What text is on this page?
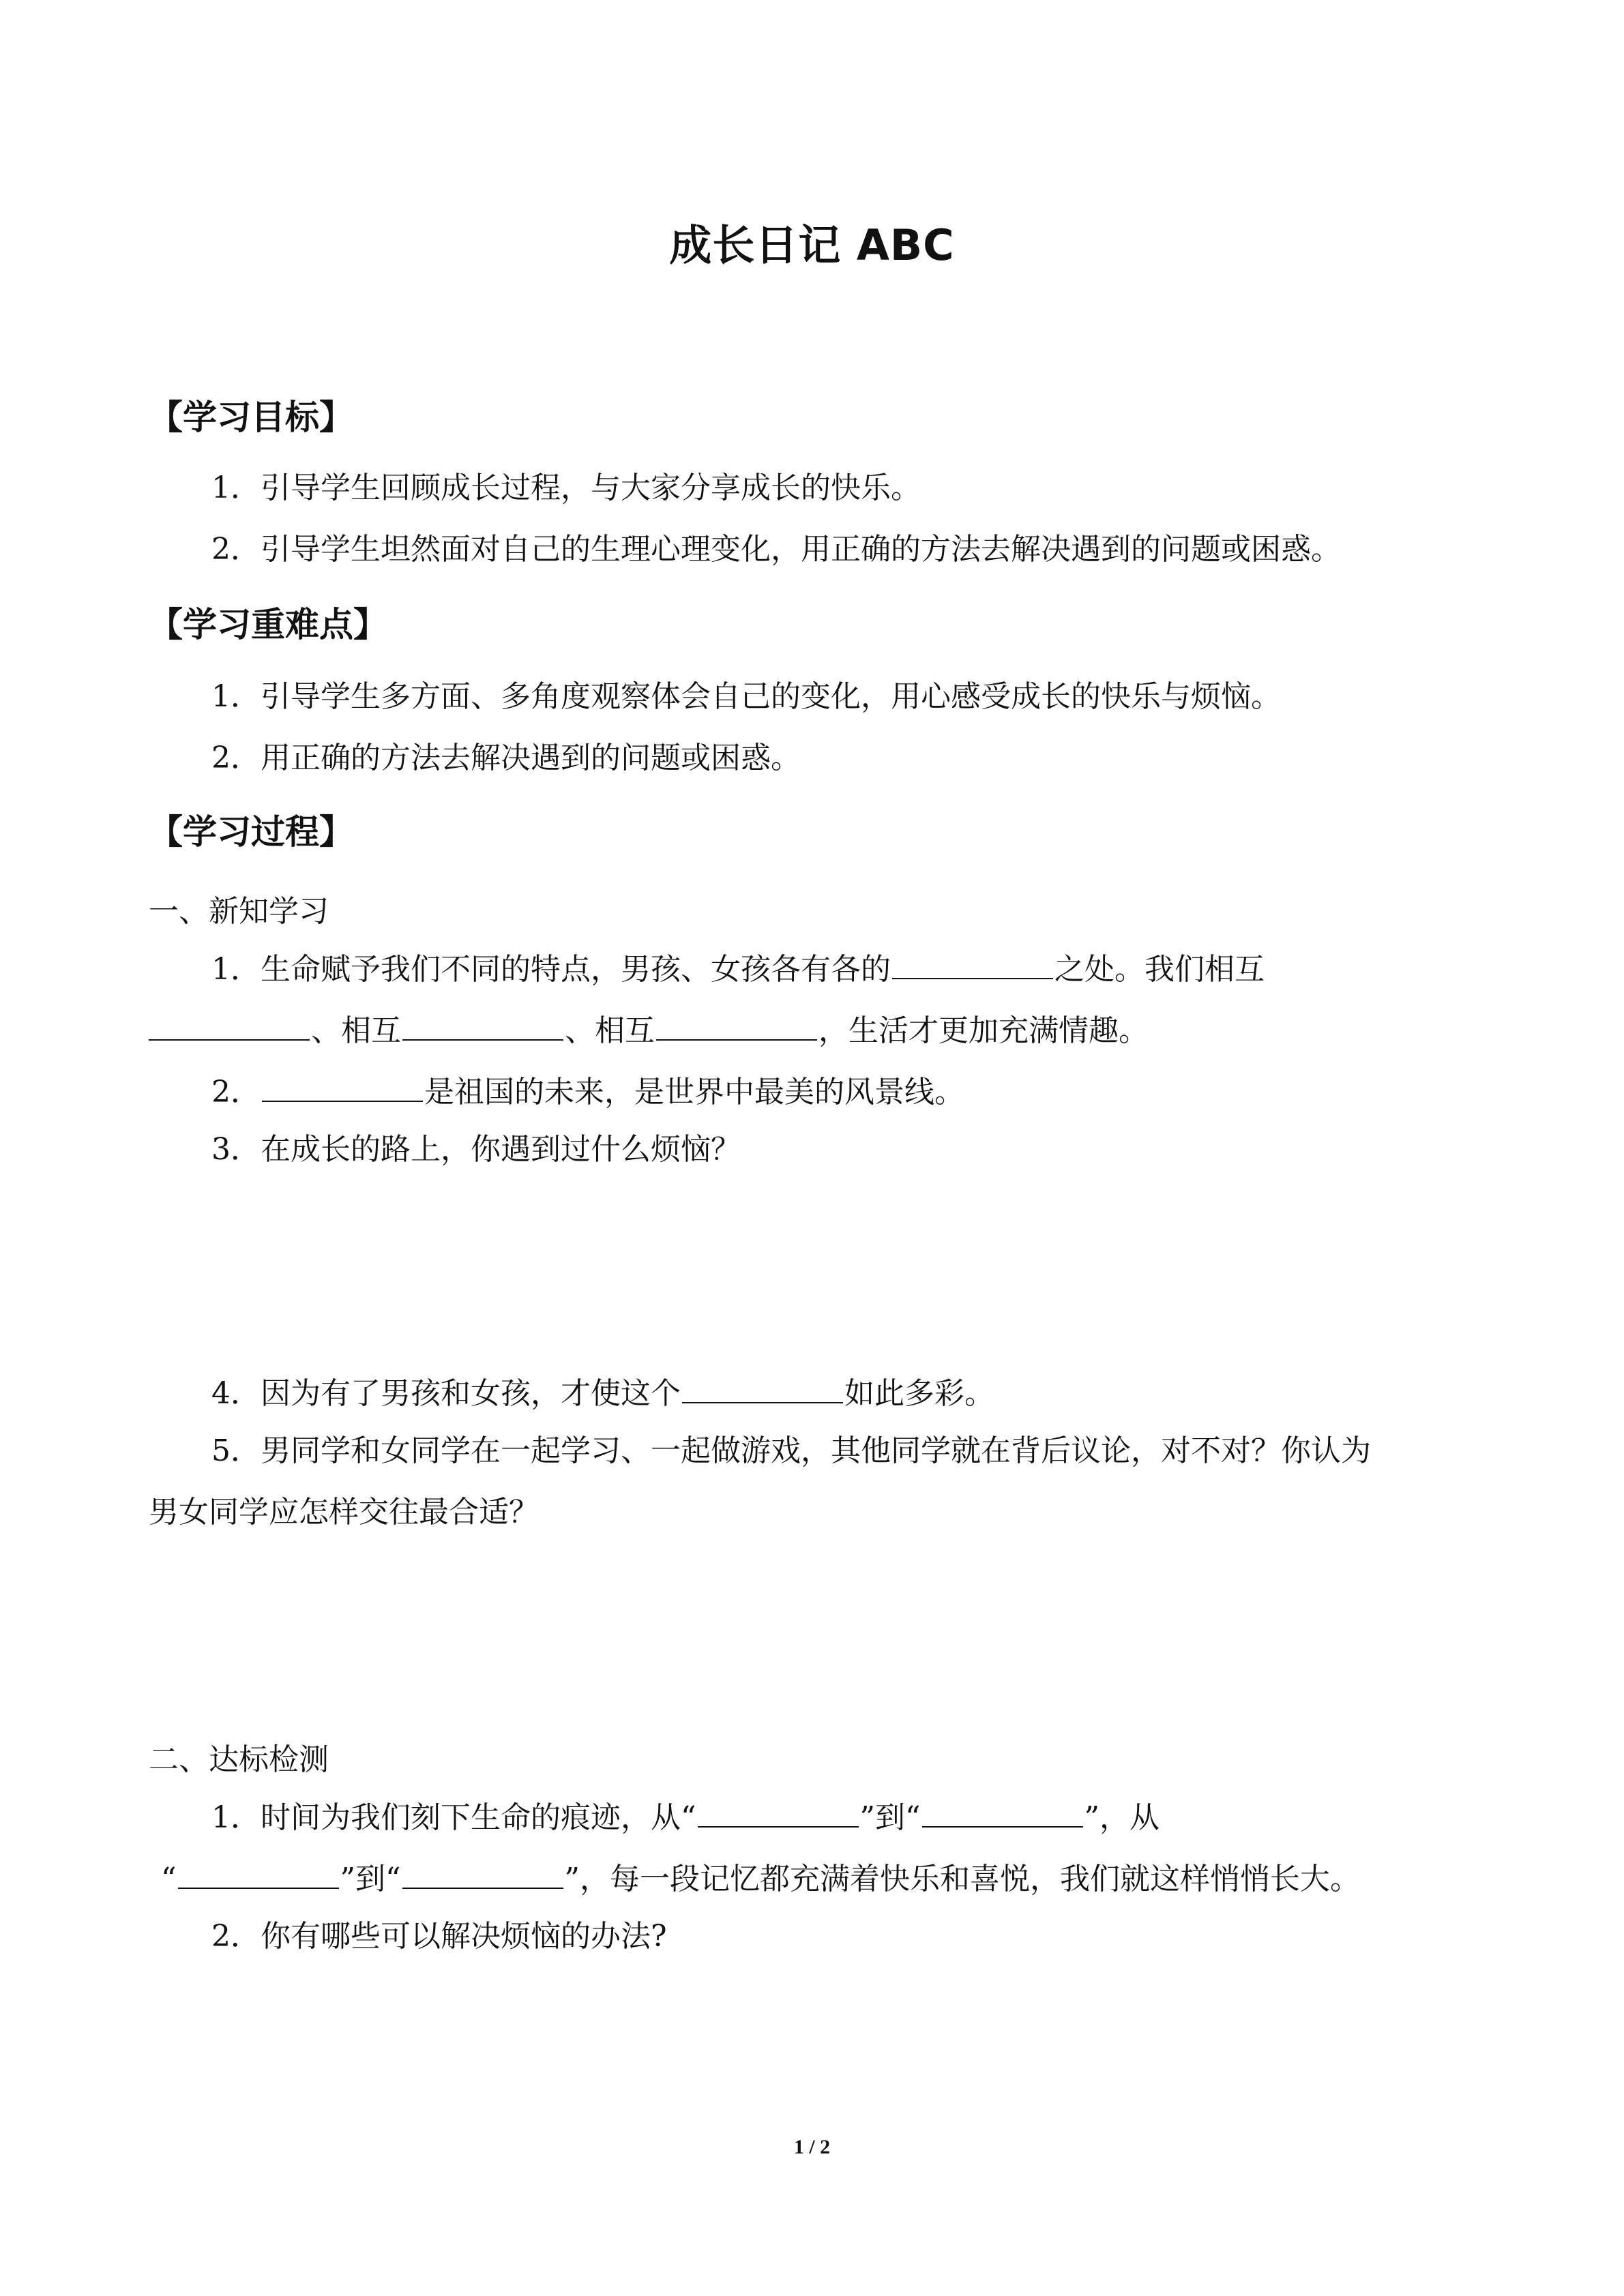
成长日记 ABC
【学习目标】
1．引导学生回顾成长过程，与大家分享成长的快乐。
2．引导学生坦然面对自己的生理心理变化，用正确的方法去解决遇到的问题或困惑。
【学习重难点】
1．引导学生多方面、多角度观察体会自己的变化，用心感受成长的快乐与烦恼。
2．用正确的方法去解决遇到的问题或困惑。
【学习过程】
一、新知学习
1．生命赋予我们不同的特点，男孩、女孩各有各的	之处。我们相互
、相互	、相互	，生活才更加充满情趣。
2．	是祖国的未来，是世界中最美的风景线。
3．在成长的路上，你遇到过什么烦恼？
4．因为有了男孩和女孩，才使这个	如此多彩。
5．男同学和女同学在一起学习、一起做游戏，其他同学就在背后议论，对不对？你认为
男女同学应怎样交往最合适？
二、达标检测
1．时间为我们刻下生命的痕迹，从“	”到“	”，从
“	”到“	”，每一段记忆都充满着快乐和喜悦，我们就这样悄悄长大。
2．你有哪些可以解决烦恼的办法?
1 / 2
